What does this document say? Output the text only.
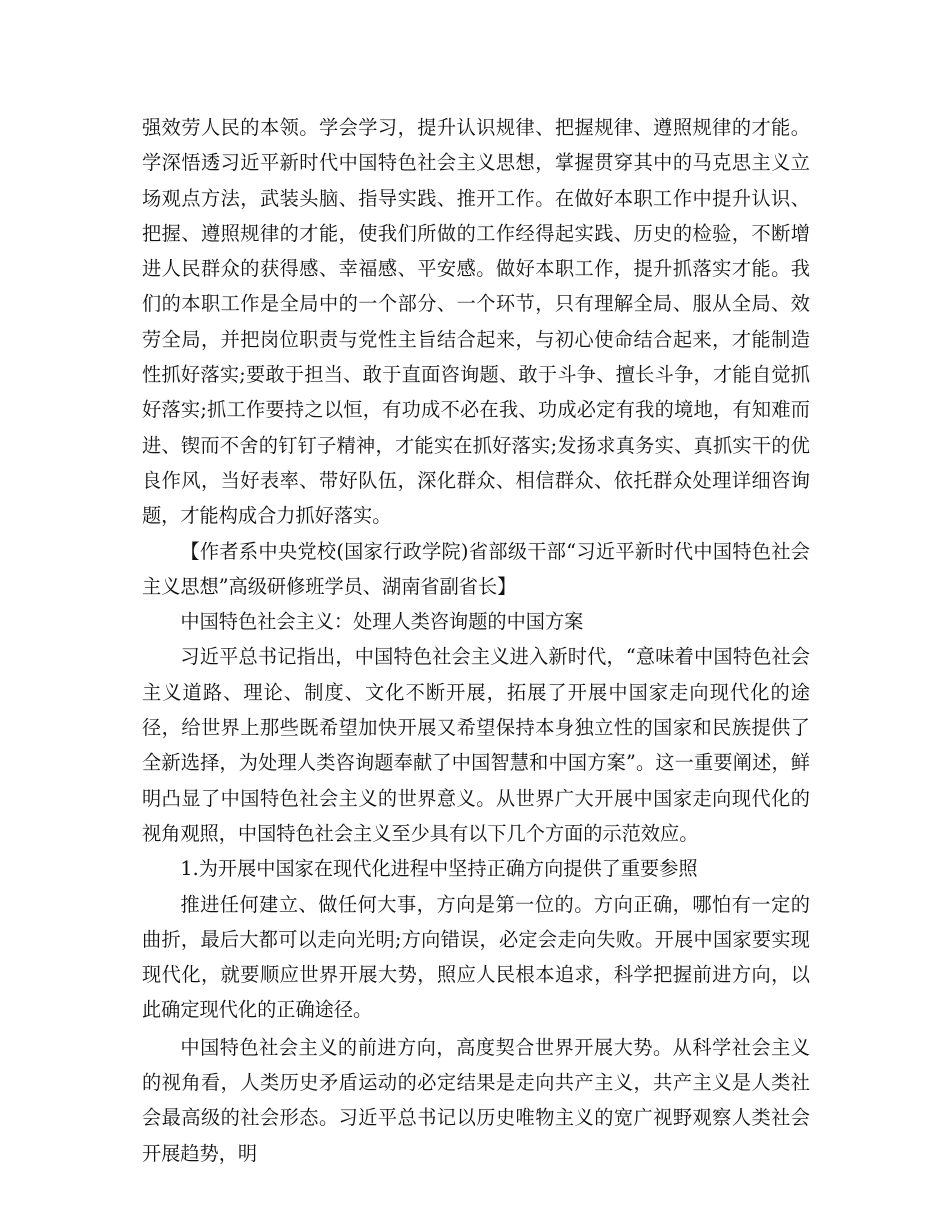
强效劳人民的本领。学会学习，提升认识规律、把握规律、遵照规律的才能。学深悟透习近平新时代中国特色社会主义思想，掌握贯穿其中的马克思主义立场观点方法，武装头脑、指导实践、推开工作。在做好本职工作中提升认识、把握、遵照规律的才能，使我们所做的工作经得起实践、历史的检验，不断增进人民群众的获得感、幸福感、平安感。做好本职工作，提升抓落实才能。我们的本职工作是全局中的一个部分、一个环节，只有理解全局、服从全局、效劳全局，并把岗位职责与党性主旨结合起来，与初心使命结合起来，才能制造性抓好落实;要敢于担当、敢于直面咨询题、敢于斗争、擅长斗争，才能自觉抓好落实;抓工作要持之以恒，有功成不必在我、功成必定有我的境地，有知难而进、锲而不舍的钉钉子精神，才能实在抓好落实;发扬求真务实、真抓实干的优良作风，当好表率、带好队伍，深化群众、相信群众、依托群众处理详细咨询题，才能构成合力抓好落实。

【作者系中央党校(国家行政学院)省部级干部“习近平新时代中国特色社会主义思想”高级研修班学员、湖南省副省长】

中国特色社会主义：处理人类咨询题的中国方案

习近平总书记指出，中国特色社会主义进入新时代，“意味着中国特色社会主义道路、理论、制度、文化不断开展，拓展了开展中国家走向现代化的途径，给世界上那些既希望加快开展又希望保持本身独立性的国家和民族提供了全新选择，为处理人类咨询题奉献了中国智慧和中国方案”。这一重要阐述，鲜明凸显了中国特色社会主义的世界意义。从世界广大开展中国家走向现代化的视角观照，中国特色社会主义至少具有以下几个方面的示范效应。

1.为开展中国家在现代化进程中坚持正确方向提供了重要参照

推进任何建立、做任何大事，方向是第一位的。方向正确，哪怕有一定的曲折，最后大都可以走向光明;方向错误，必定会走向失败。开展中国家要实现现代化，就要顺应世界开展大势，照应人民根本追求，科学把握前进方向，以此确定现代化的正确途径。

中国特色社会主义的前进方向，高度契合世界开展大势。从科学社会主义的视角看，人类历史矛盾运动的必定结果是走向共产主义，共产主义是人类社会最高级的社会形态。习近平总书记以历史唯物主义的宽广视野观察人类社会开展趋势，明
